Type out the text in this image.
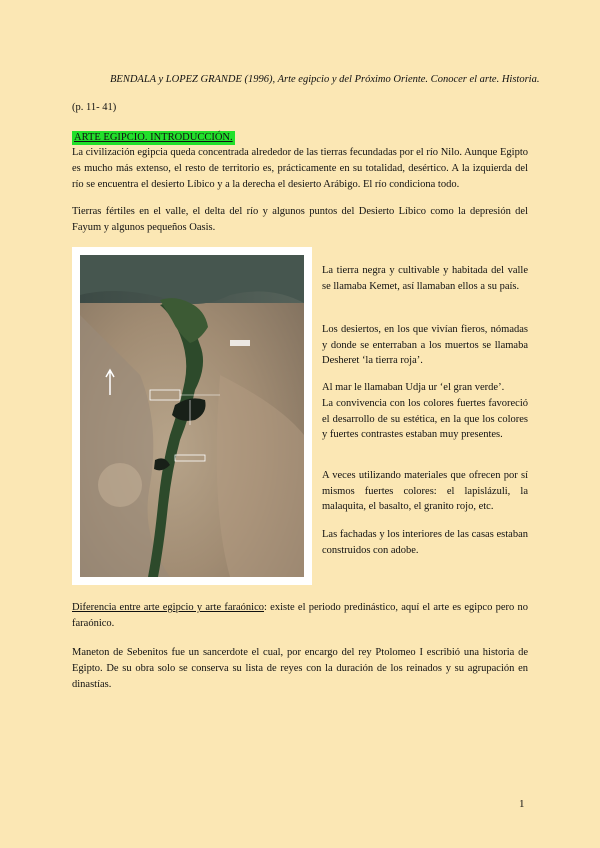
BENDALA y LOPEZ GRANDE (1996), Arte egipcio y del Próximo Oriente. Conocer el arte. Historia.
(p. 11- 41)
ARTE EGIPCIO. INTRODUCCIÓN.
La civilización egipcia queda concentrada alrededor de las tierras fecundadas por el río Nilo. Aunque Egipto es mucho más extenso, el resto de territorio es, prácticamente en su totalidad, desértico. A la izquierda del río se encuentra el desierto Líbico y a la derecha el desierto Arábigo. El río condiciona todo.
Tierras fértiles en el valle, el delta del río y algunos puntos del Desierto Líbico como la depresión del Fayum y algunos pequeños Oasis.
La tierra negra y cultivable y habitada del valle se llamaba Kemet, así llamaban ellos a su país.
Los desiertos, en los que vivían fieros, nómadas y donde se enterraban a los muertos se llamaba Desheret ‘la tierra roja’.
Al mar le llamaban Udja ur ‘el gran verde’.
La convivencia con los colores fuertes favoreció el desarrollo de su estética, en la que los colores y fuertes contrastes estaban muy presentes.
A veces utilizando materiales que ofrecen por sí mismos fuertes colores: el lapislázuli, la malaquita, el basalto, el granito rojo, etc.
Las fachadas y los interiores de las casas estaban construidos con adobe.
Diferencia entre arte egipcio y arte faraónico: existe el periodo predinástico, aquí el arte es egipco pero no faraónico.
Maneton de Sebenitos fue un sancerdote el cual, por encargo del rey Ptolomeo I escribió una historia de Egipto. De su obra solo se conserva su lista de reyes con la duración de los reinados y su agrupación en dinastías.
1
